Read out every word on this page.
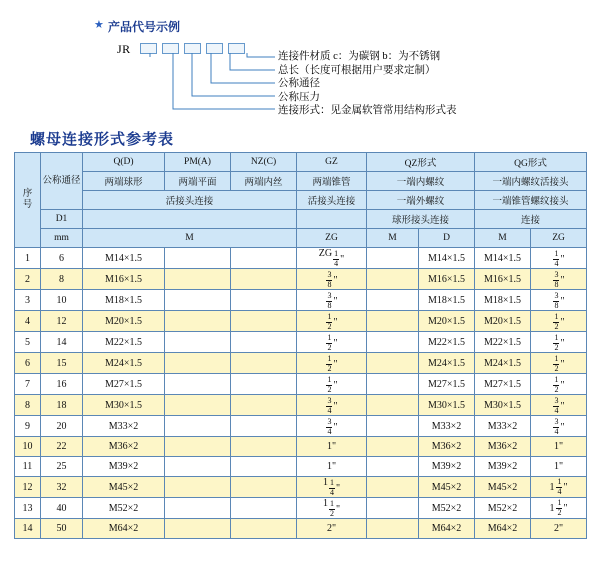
★ 产品代号示例
JR
连接件材质 c：为碳钢 b：为不锈钢
总长（长度可根据用户要求定制）
公称通径
公称压力
连接形式：见金属软管常用结构形式表
螺母连接形式参考表
序
号	公称通径	Q(D)	PM(A)	NZ(C)	GZ	QZ形式		QG形式	
		两端球形	两端平面	两端内丝	两端锥管	一端内螺纹		一端内螺纹活接头	
		活接头连接			活接头连接	一端外螺纹		一端锥管螺纹接头	
	D1					球形接头连接		连接	
	mm	M			ZG	M	D	M	ZG
1	6	M14×1.5			ZG $\frac{1}{4}$ "		M14×1.5	M14×1.5	$\frac{1}{4}$ "

2	8	M16×1.5			$\frac{3}{8}$ "		M16×1.5	M16×1.5	$\frac{3}{8}$ "

3	10	M18×1.5			$\frac{3}{8}$ "		M18×1.5	M18×1.5	$\frac{3}{8}$ "

4	12	M20×1.5			$\frac{1}{2}$ "		M20×1.5	M20×1.5	$\frac{1}{2}$ "

5	14	M22×1.5			$\frac{1}{2}$ "		M22×1.5	M22×1.5	$\frac{1}{2}$ "

6	15	M24×1.5			$\frac{1}{2}$ "		M24×1.5	M24×1.5	$\frac{1}{2}$ "

7	16	M27×1.5			$\frac{1}{2}$ "		M27×1.5	M27×1.5	$\frac{1}{2}$ "

8	18	M30×1.5			$\frac{3}{4}$ "		M30×1.5	M30×1.5	$\frac{3}{4}$ "

9	20	M33×2			$\frac{3}{4}$ "		M33×2	M33×2	$\frac{3}{4}$ "

10	22	M36×2			1"		M36×2	M36×2	1"
11	25	M39×2			1"		M39×2	M39×2	1"
12	32	M45×2			$1 \frac{1}{4}$ "		M45×2	M45×2	$1 \frac{1}{4}$ "

13	40	M52×2			$1 \frac{1}{2}$ "		M52×2	M52×2	$1 \frac{1}{2}$ "

14	50	M64×2			2"		M64×2	M64×2	2"
